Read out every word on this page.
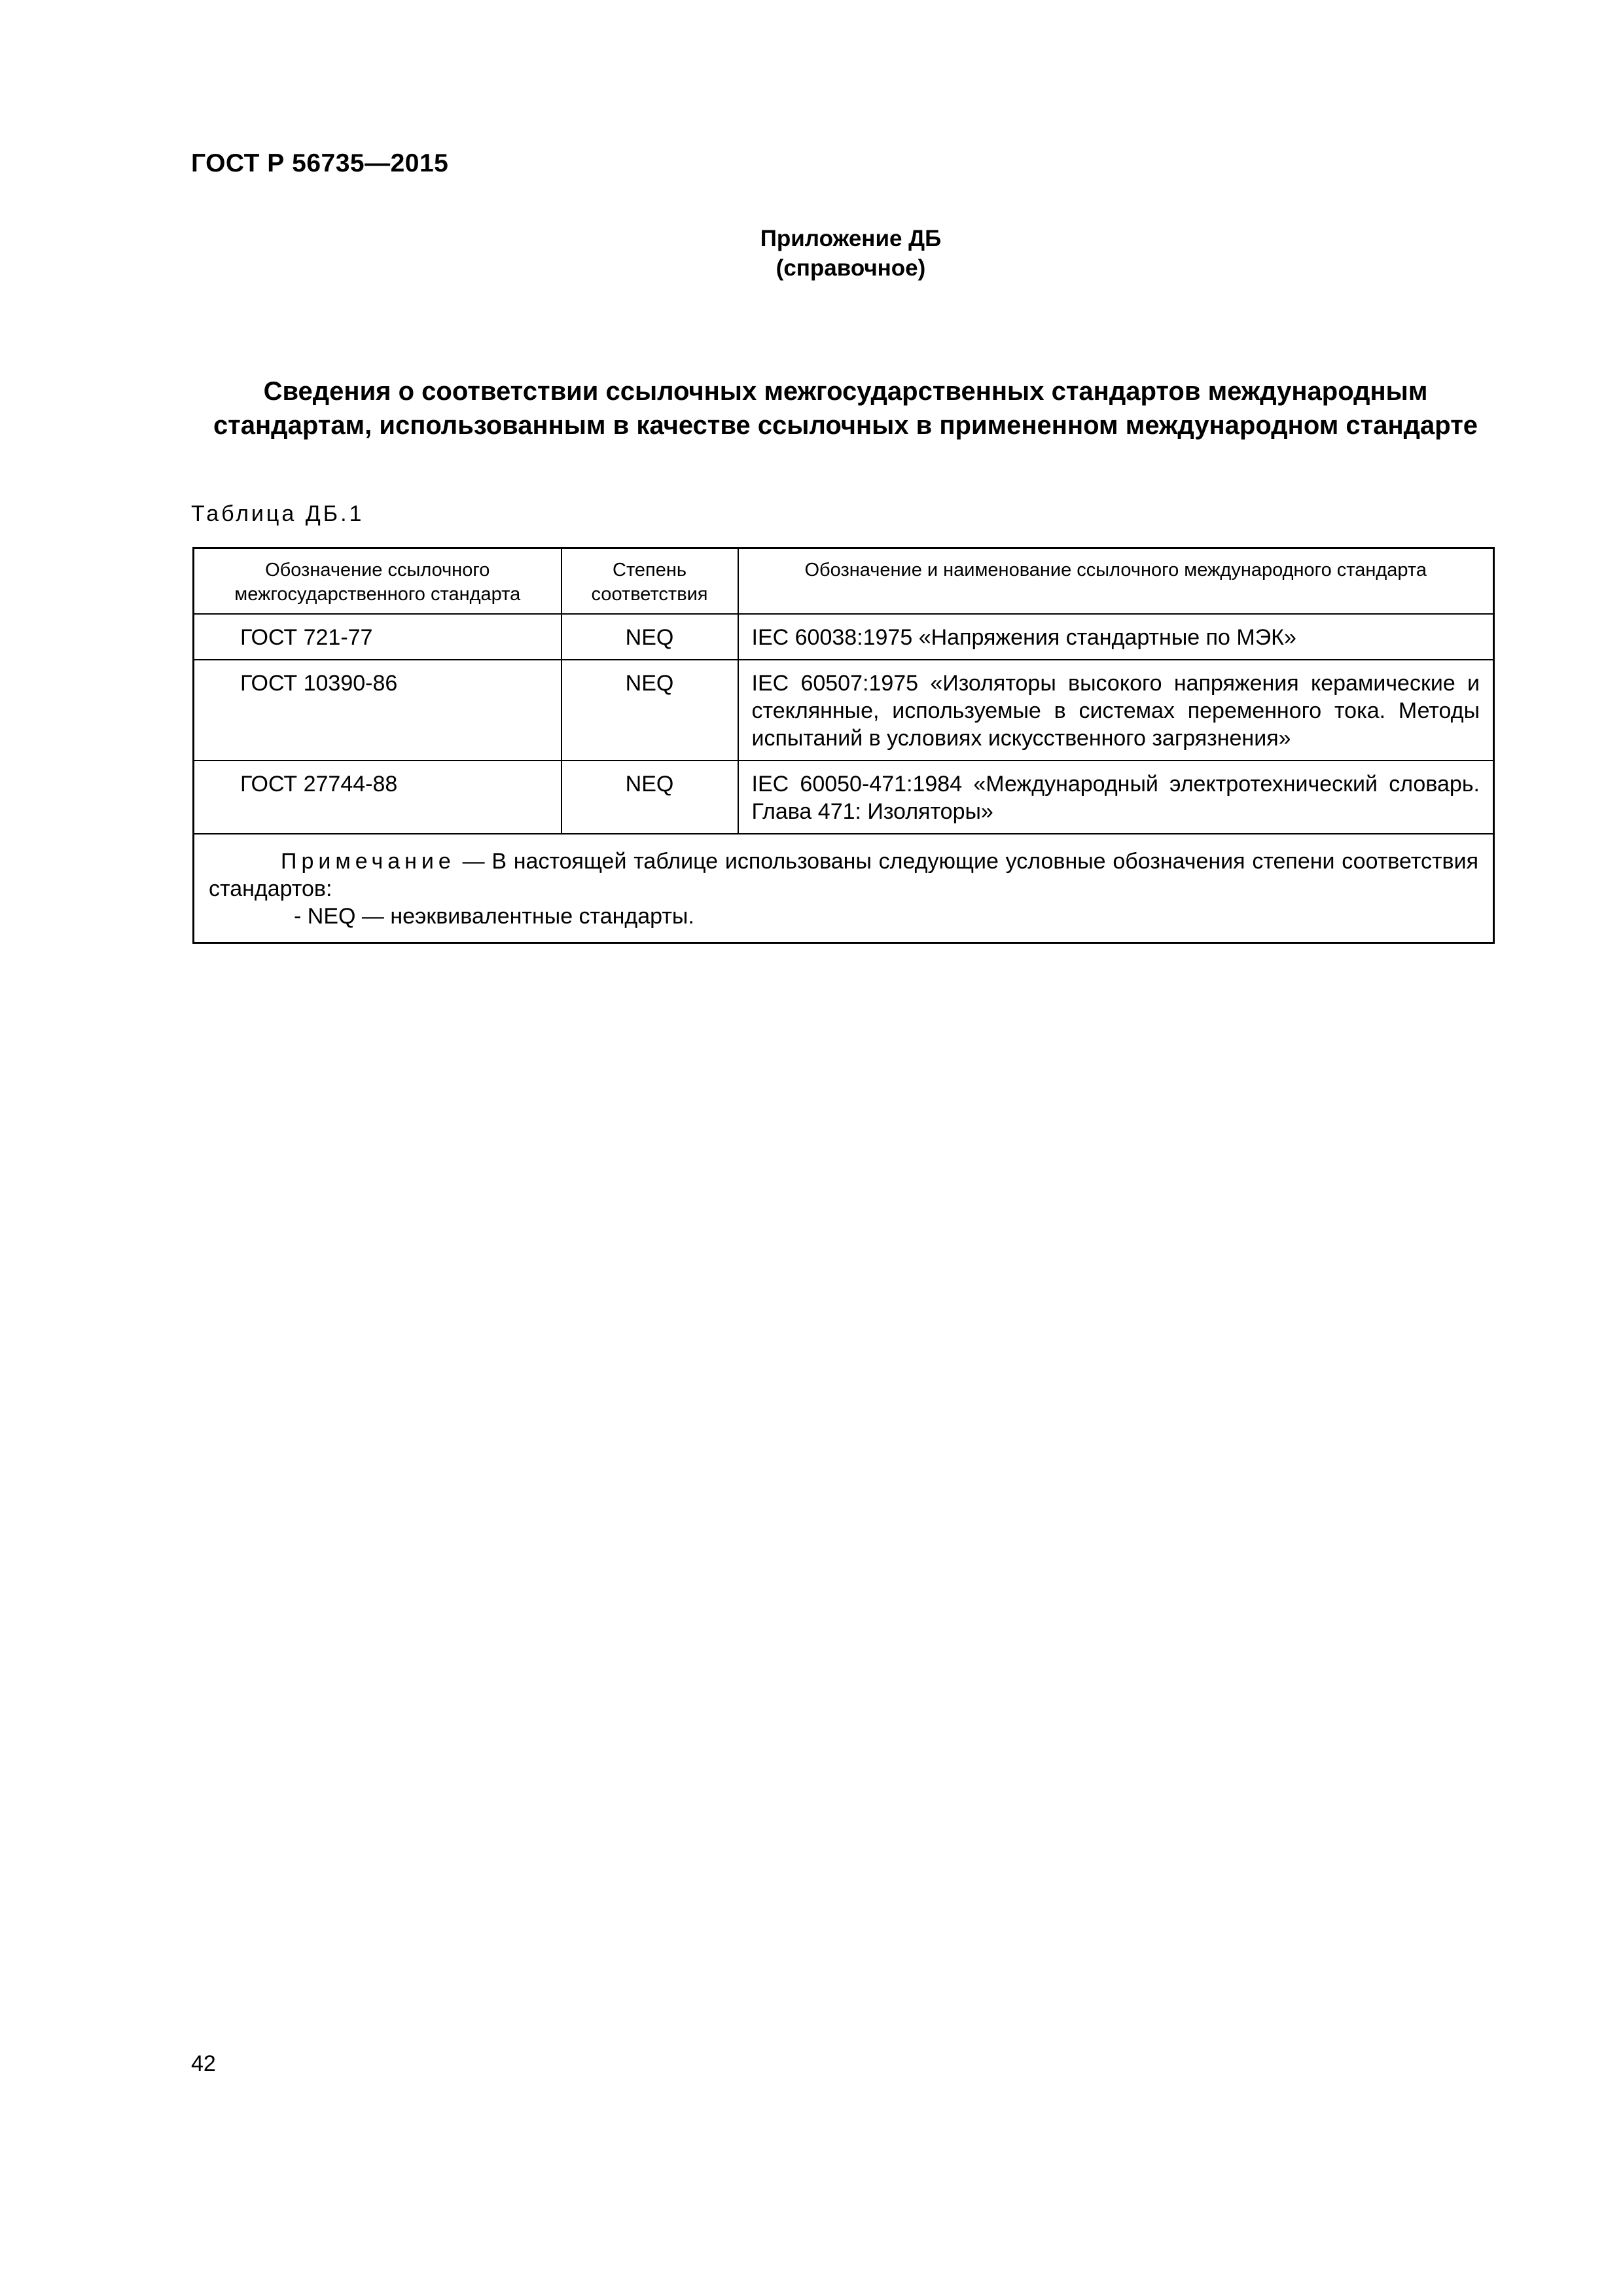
ГОСТ Р 56735—2015
Приложение ДБ
(справочное)
Сведения о соответствии ссылочных межгосударственных стандартов международным стандартам, использованным в качестве ссылочных в примененном международном стандарте
Таблица ДБ.1
Обозначение ссылочного межгосударственного стандарта	Степень соответствия	Обозначение и наименование ссылочного международного стандарта
ГОСТ 721-77	NEQ	IEC 60038:1975 «Напряжения стандартные по МЭК»
ГОСТ 10390-86	NEQ	IEC 60507:1975 «Изоляторы высокого напряжения керамические и стеклянные, используемые в системах переменного тока. Методы испытаний в условиях искусственного загрязнения»
ГОСТ 27744-88	NEQ	IEC 60050-471:1984 «Международный электротехнический словарь. Глава 471: Изоляторы»

Примечание — В настоящей таблице использованы следующие условные обозначения степени соответствия стандартов:
- NEQ — неэквивалентные стандарты.		
42
